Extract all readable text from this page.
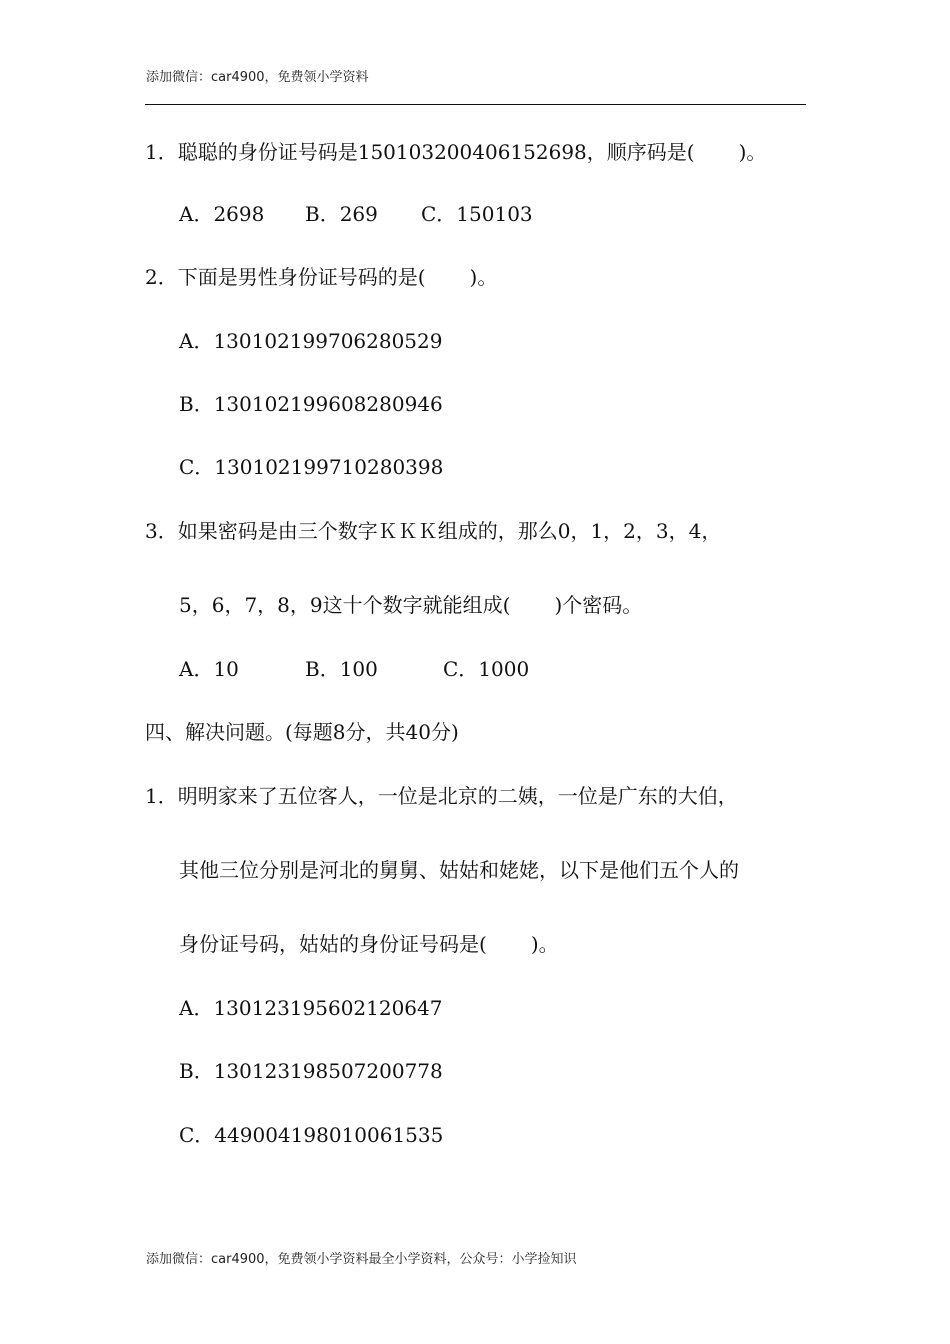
添加微信：car4900，免费领小学资料
1．聪聪的身份证号码是150103200406152698，顺序码是( )。
A．2698 B．269 C．150103
2．下面是男性身份证号码的是( )。
A．130102199706280529
B．130102199608280946
C．130102199710280398
3．如果密码是由三个数字ＫＫＫ组成的，那么0，1，2，3，4，
5，6，7，8，9这十个数字就能组成( )个密码。
A．10	B．100	C．1000
四、解决问题。(每题8分，共40分)
1．明明家来了五位客人，一位是北京的二姨，一位是广东的大伯，
其他三位分别是河北的舅舅、姑姑和姥姥，以下是他们五个人的
身份证号码，姑姑的身份证号码是( )。
A．130123195602120647
B．130123198507200778
C．449004198010061535
添加微信：car4900，免费领小学资料最全小学资料，公众号：小学捡知识
